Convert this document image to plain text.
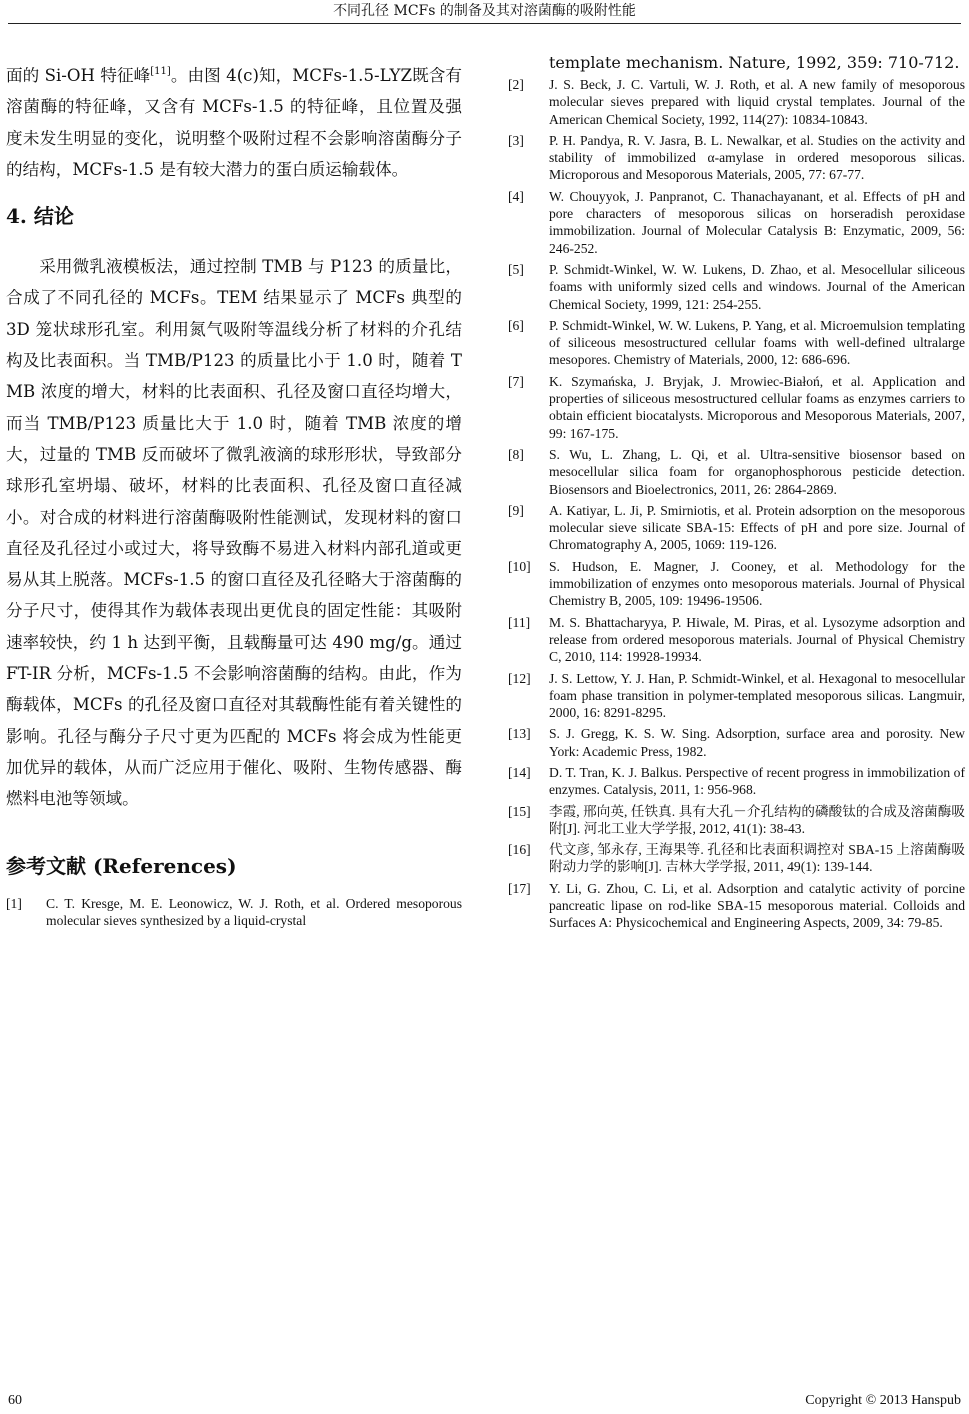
不同孔径 MCFs 的制备及其对溶菌酶的吸附性能

面的 Si-OH 特征峰[11]。由图 4(c)知，MCFs-1.5-LYZ既含有溶菌酶的特征峰，又含有 MCFs-1.5 的特征峰，且位置及强度未发生明显的变化，说明整个吸附过程不会影响溶菌酶分子的结构，MCFs-1.5 是有较大潜力的蛋白质运输载体。

4. 结论

采用微乳液模板法，通过控制 TMB 与 P123 的质量比，合成了不同孔径的 MCFs。TEM 结果显示了 MCFs 典型的 3D 笼状球形孔室。利用氮气吸附等温线分析了材料的介孔结构及比表面积。当 TMB/P123 的质量比小于 1.0 时，随着 TMB 浓度的增大，材料的比表面积、孔径及窗口直径均增大，而当 TMB/P123 质量比大于 1.0 时，随着 TMB 浓度的增大，过量的 TMB 反而破坏了微乳液滴的球形形状，导致部分球形孔室坍塌、破坏，材料的比表面积、孔径及窗口直径减小。对合成的材料进行溶菌酶吸附性能测试，发现材料的窗口直径及孔径过小或过大，将导致酶不易进入材料内部孔道或更易从其上脱落。MCFs-1.5 的窗口直径及孔径略大于溶菌酶的分子尺寸，使得其作为载体表现出更优良的固定性能：其吸附速率较快，约 1 h 达到平衡，且载酶量可达 490 mg/g。通过 FT-IR 分析，MCFs-1.5 不会影响溶菌酶的结构。由此，作为酶载体，MCFs 的孔径及窗口直径对其载酶性能有着关键性的影响。孔径与酶分子尺寸更为匹配的 MCFs 将会成为性能更加优异的载体，从而广泛应用于催化、吸附、生物传感器、酶燃料电池等领域。

参考文献 (References)
[1]	C. T. Kresge, M. E. Leonowicz, W. J. Roth, et al. Ordered mesoporous molecular sieves synthesized by a liquid-crystal
template mechanism. Nature, 1992, 359: 710-712.
[2]	J. S. Beck, J. C. Vartuli, W. J. Roth, et al. A new family of mesoporous molecular sieves prepared with liquid crystal templates. Journal of the American Chemical Society, 1992, 114(27): 10834-10843.
[3]	P. H. Pandya, R. V. Jasra, B. L. Newalkar, et al. Studies on the activity and stability of immobilized α-amylase in ordered mesoporous silicas. Microporous and Mesoporous Materials, 2005, 77: 67-77.
[4]	W. Chouyyok, J. Panpranot, C. Thanachayanant, et al. Effects of pH and pore characters of mesoporous silicas on horseradish peroxidase immobilization. Journal of Molecular Catalysis B: Enzymatic, 2009, 56: 246-252.
[5]	P. Schmidt-Winkel, W. W. Lukens, D. Zhao, et al. Mesocellular siliceous foams with uniformly sized cells and windows. Journal of the American Chemical Society, 1999, 121: 254-255.
[6]	P. Schmidt-Winkel, W. W. Lukens, P. Yang, et al. Microemulsion templating of siliceous mesostructured cellular foams with well-defined ultralarge mesopores. Chemistry of Materials, 2000, 12: 686-696.
[7]	K. Szymańska, J. Bryjak, J. Mrowiec-Białoń, et al. Application and properties of siliceous mesostructured cellular foams as enzymes carriers to obtain efficient biocatalysts. Microporous and Mesoporous Materials, 2007, 99: 167-175.
[8]	S. Wu, L. Zhang, L. Qi, et al. Ultra-sensitive biosensor based on mesocellular silica foam for organophosphorous pesticide detection. Biosensors and Bioelectronics, 2011, 26: 2864-2869.
[9]	A. Katiyar, L. Ji, P. Smirniotis, et al. Protein adsorption on the mesoporous molecular sieve silicate SBA-15: Effects of pH and pore size. Journal of Chromatography A, 2005, 1069: 119-126.
[10]	S. Hudson, E. Magner, J. Cooney, et al. Methodology for the immobilization of enzymes onto mesoporous materials. Journal of Physical Chemistry B, 2005, 109: 19496-19506.
[11]	M. S. Bhattacharyya, P. Hiwale, M. Piras, et al. Lysozyme adsorption and release from ordered mesoporous materials. Journal of Physical Chemistry C, 2010, 114: 19928-19934.
[12]	J. S. Lettow, Y. J. Han, P. Schmidt-Winkel, et al. Hexagonal to mesocellular foam phase transition in polymer-templated mesoporous silicas. Langmuir, 2000, 16: 8291-8295.
[13]	S. J. Gregg, K. S. W. Sing. Adsorption, surface area and porosity. New York: Academic Press, 1982.
[14]	D. T. Tran, K. J. Balkus. Perspective of recent progress in immobilization of enzymes. Catalysis, 2011, 1: 956-968.
[15]	李霞, 邢向英, 任铁真. 具有大孔－介孔结构的磷酸钛的合成及溶菌酶吸附[J]. 河北工业大学学报, 2012, 41(1): 38-43.
[16]	代文彦, 邹永存, 王海果等. 孔径和比表面积调控对 SBA-15 上溶菌酶吸附动力学的影响[J]. 吉林大学学报, 2011, 49(1): 139-144.
[17]	Y. Li, G. Zhou, C. Li, et al. Adsorption and catalytic activity of porcine pancreatic lipase on rod-like SBA-15 mesoporous material. Colloids and Surfaces A: Physicochemical and Engineering Aspects, 2009, 34: 79-85.
60	Copyright © 2013 Hanspub
